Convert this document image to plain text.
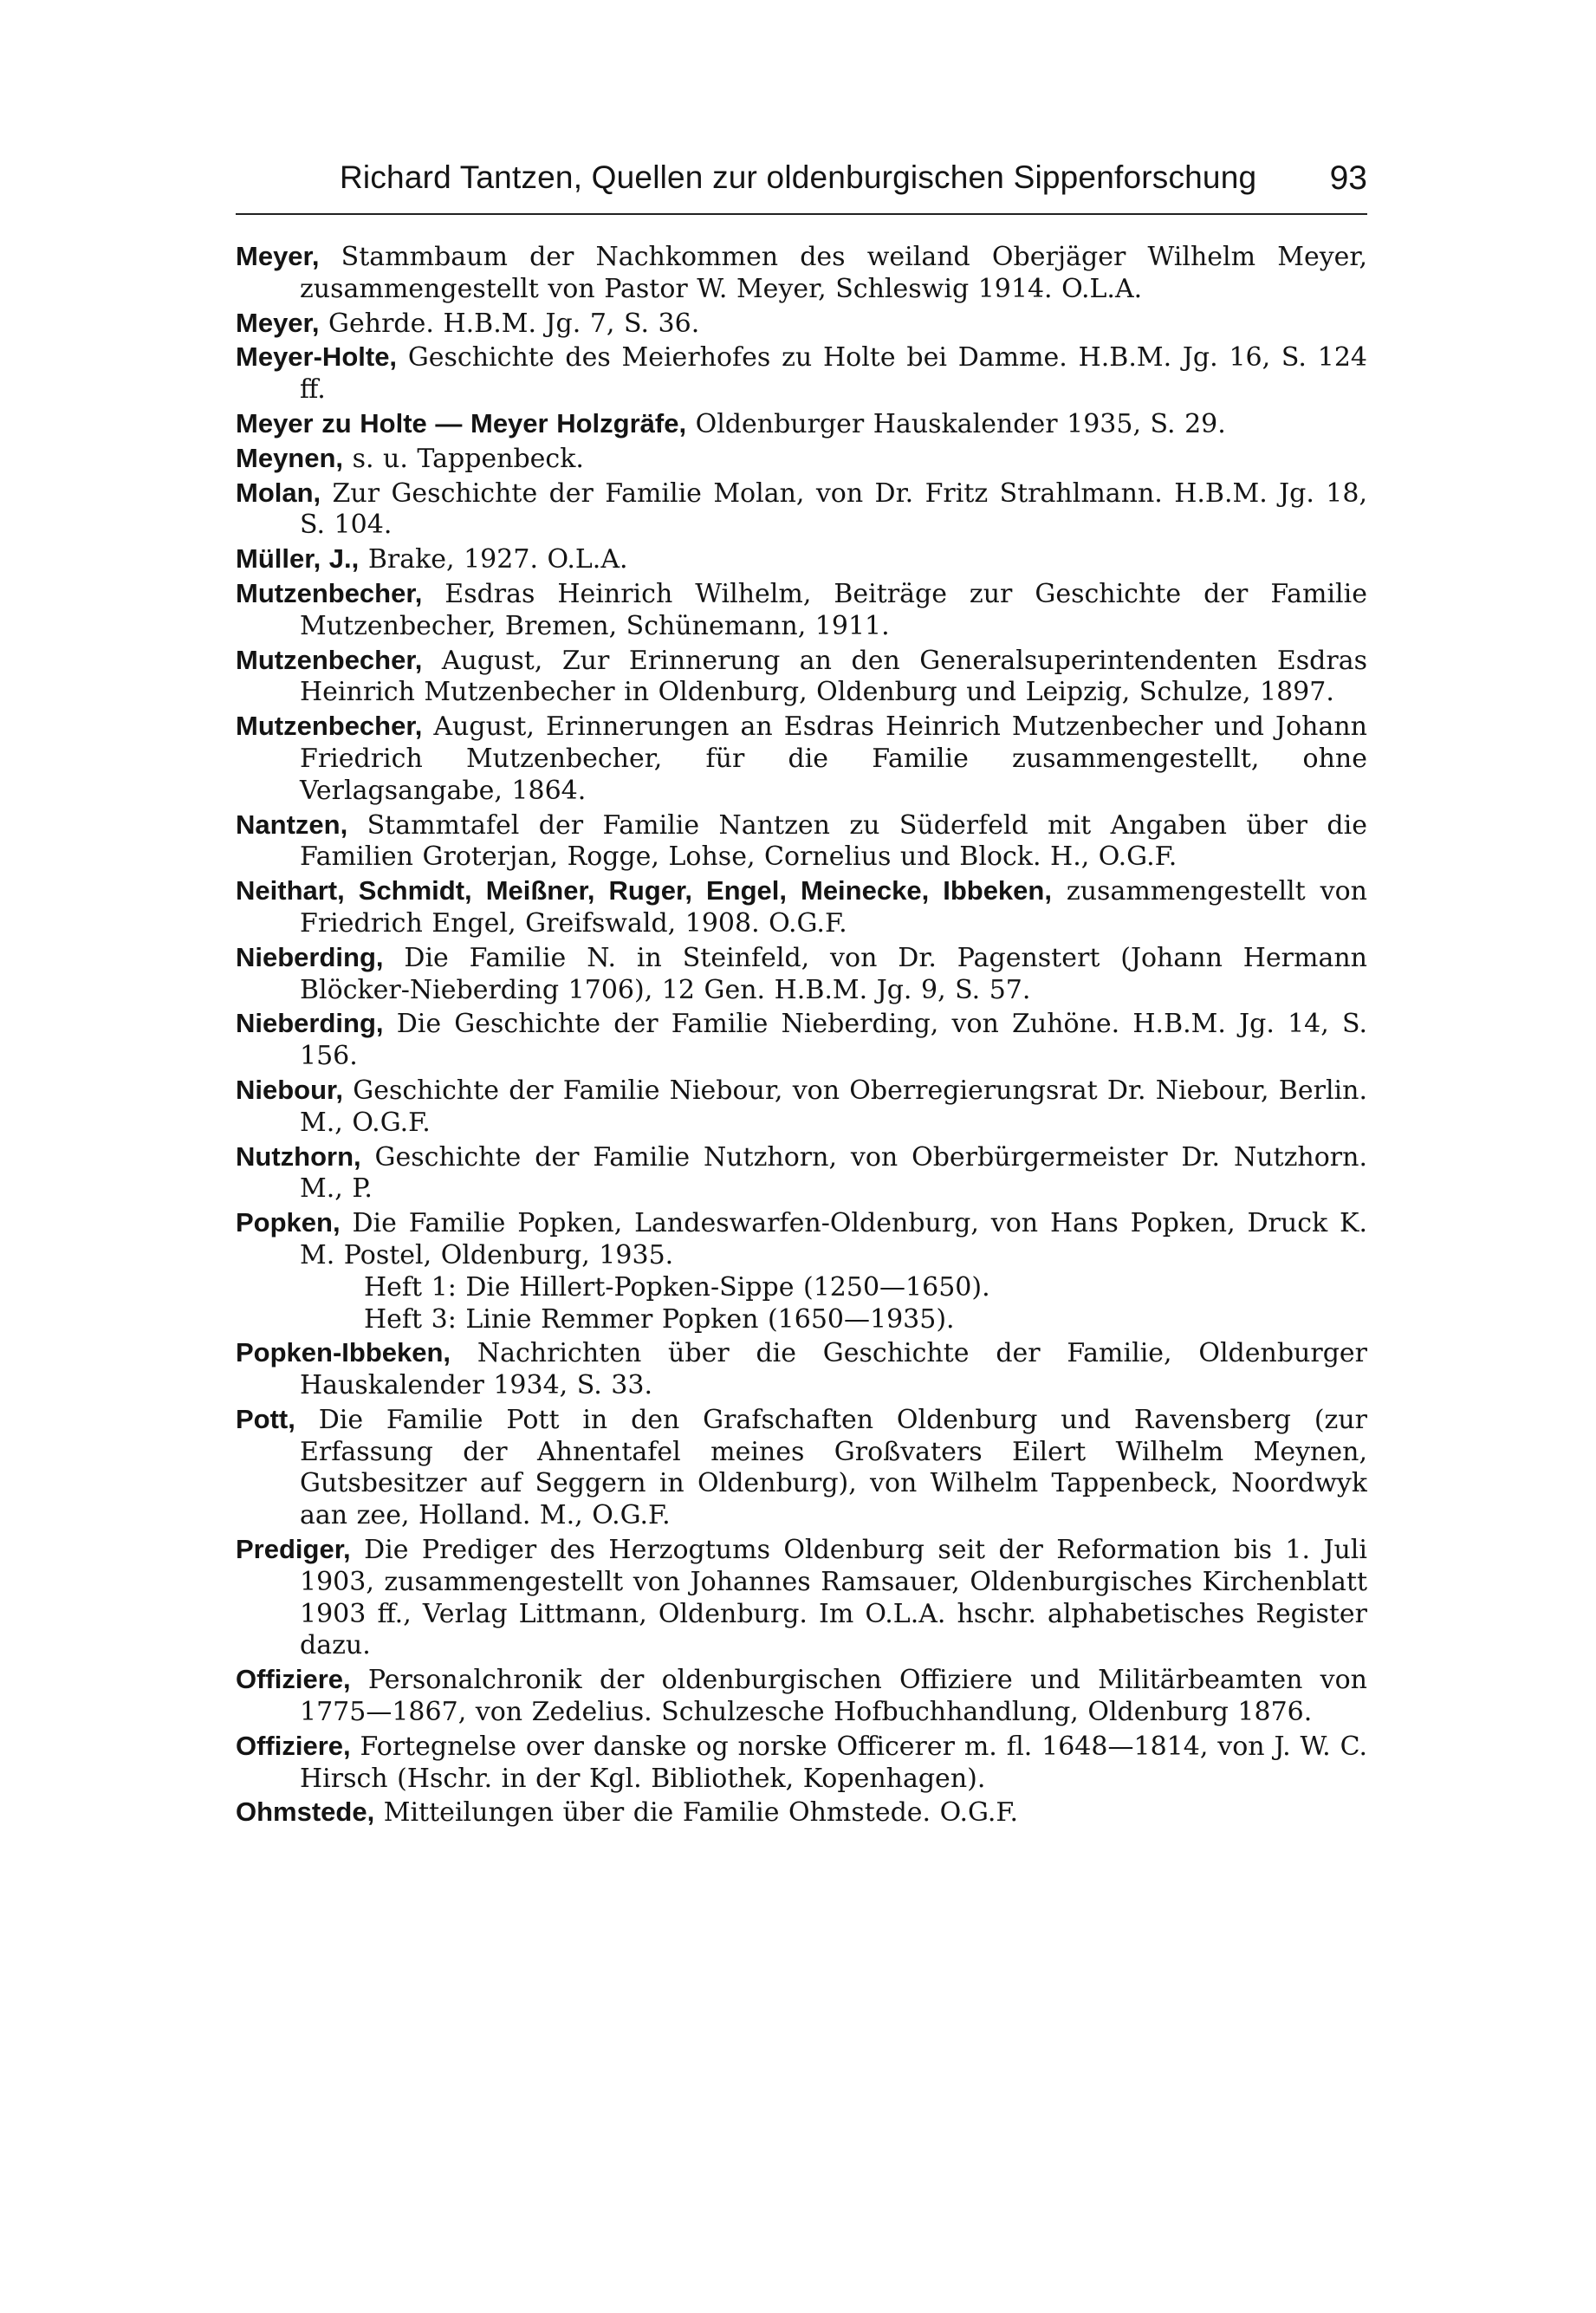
Richard Tantzen, Quellen zur oldenburgischen Sippenforschung 93

Meyer, Stammbaum der Nachkommen des weiland Oberjäger Wilhelm Meyer, zusammengestellt von Pastor W. Meyer, Schleswig 1914. O.L.A.

Meyer, Gehrde. H.B.M. Jg. 7, S. 36.

Meyer-Holte, Geschichte des Meierhofes zu Holte bei Damme. H.B.M. Jg. 16, S. 124 ff.

Meyer zu Holte — Meyer Holzgräfe, Oldenburger Hauskalender 1935, S. 29.

Meynen, s. u. Tappenbeck.

Molan, Zur Geschichte der Familie Molan, von Dr. Fritz Strahlmann. H.B.M. Jg. 18, S. 104.

Müller, J., Brake, 1927. O.L.A.

Mutzenbecher, Esdras Heinrich Wilhelm, Beiträge zur Geschichte der Familie Mutzenbecher, Bremen, Schünemann, 1911.

Mutzenbecher, August, Zur Erinnerung an den Generalsuperintendenten Esdras Heinrich Mutzenbecher in Oldenburg, Oldenburg und Leipzig, Schulze, 1897.

Mutzenbecher, August, Erinnerungen an Esdras Heinrich Mutzenbecher und Johann Friedrich Mutzenbecher, für die Familie zusammengestellt, ohne Verlagsangabe, 1864.

Nantzen, Stammtafel der Familie Nantzen zu Süderfeld mit Angaben über die Familien Groterjan, Rogge, Lohse, Cornelius und Block. H., O.G.F.

Neithart, Schmidt, Meißner, Ruger, Engel, Meinecke, Ibbeken, zusammengestellt von Friedrich Engel, Greifswald, 1908. O.G.F.

Nieberding, Die Familie N. in Steinfeld, von Dr. Pagenstert (Johann Hermann Blöcker-Nieberding 1706), 12 Gen. H.B.M. Jg. 9, S. 57.

Nieberding, Die Geschichte der Familie Nieberding, von Zuhöne. H.B.M. Jg. 14, S. 156.

Niebour, Geschichte der Familie Niebour, von Oberregierungsrat Dr. Niebour, Berlin. M., O.G.F.

Nutzhorn, Geschichte der Familie Nutzhorn, von Oberbürgermeister Dr. Nutzhorn. M., P.

Popken, Die Familie Popken, Landeswarfen-Oldenburg, von Hans Popken, Druck K. M. Postel, Oldenburg, 1935.
Heft 1: Die Hillert-Popken-Sippe (1250—1650).
Heft 3: Linie Remmer Popken (1650—1935).

Popken-Ibbeken, Nachrichten über die Geschichte der Familie, Oldenburger Hauskalender 1934, S. 33.

Pott, Die Familie Pott in den Grafschaften Oldenburg und Ravensberg (zur Erfassung der Ahnentafel meines Großvaters Eilert Wilhelm Meynen, Gutsbesitzer auf Seggern in Oldenburg), von Wilhelm Tappenbeck, Noordwyk aan zee, Holland. M., O.G.F.

Prediger, Die Prediger des Herzogtums Oldenburg seit der Reformation bis 1. Juli 1903, zusammengestellt von Johannes Ramsauer, Oldenburgisches Kirchenblatt 1903 ff., Verlag Littmann, Oldenburg. Im O.L.A. hschr. alphabetisches Register dazu.

Offiziere, Personalchronik der oldenburgischen Offiziere und Militärbeamten von 1775—1867, von Zedelius. Schulzesche Hofbuchhandlung, Oldenburg 1876.

Offiziere, Fortegnelse over danske og norske Officerer m. fl. 1648—1814, von J. W. C. Hirsch (Hschr. in der Kgl. Bibliothek, Kopenhagen).

Ohmstede, Mitteilungen über die Familie Ohmstede. O.G.F.
